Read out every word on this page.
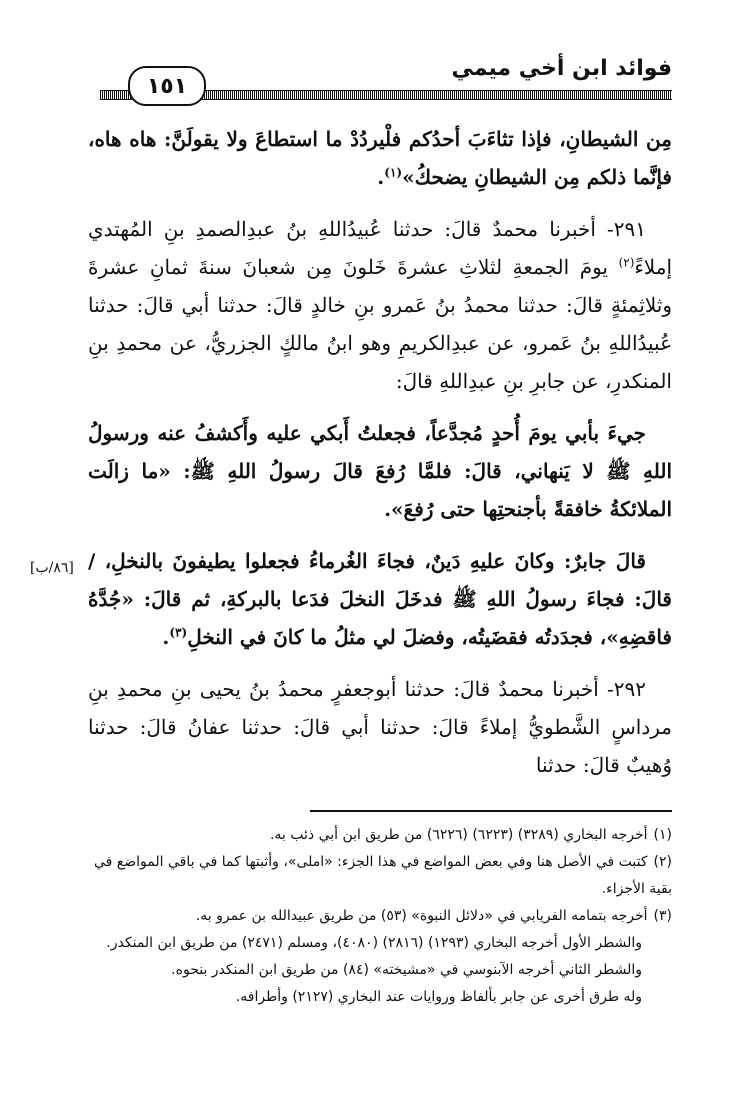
فوائد ابن أخي ميمي
١٥١

مِن الشيطانِ، فإذا تثاءَبَ أحدُكم فلْيردُدْ ما استطاعَ ولا يقولَنَّ: هاه هاه، فإنَّما ذلكم مِن الشيطانِ يضحكُ»$^{(١)}$.

٢٩١- أخبرنا محمدٌ قالَ: حدثنا عُبيدُاللهِ بنُ عبدِالصمدِ بنِ المُهتدي إملاءً$^{(٢)}$ يومَ الجمعةِ لثلاثِ عشرةَ خَلونَ مِن شعبانَ سنةَ ثمانِ عشرةَ وثلاثِمئةٍ قالَ: حدثنا محمدُ بنُ عَمرو بنِ خالدٍ قالَ: حدثنا أبي قالَ: حدثنا عُبيدُاللهِ بنُ عَمرو، عن عبدِالكريمِ وهو ابنُ مالكٍ الجزريُّ، عن محمدِ بنِ المنكدرِ، عن جابرِ بنِ عبدِاللهِ قالَ:

جيءَ بأبي يومَ أُحدٍ مُجدَّعاً، فجعلتُ أَبكي عليه وأَكشفُ عنه ورسولُ اللهِ ﷺ لا يَنهاني، قالَ: فلمَّا رُفعَ قالَ رسولُ اللهِ ﷺ: «ما زالَت الملائكةُ خافقةً بأجنحتِها حتى رُفعَ».

قالَ جابرٌ: وكانَ عليهِ دَينٌ، فجاءَ الغُرماءُ فجعلوا يطيفونَ بالنخلِ، / قالَ: فجاءَ رسولُ اللهِ ﷺ فدخَلَ النخلَ فدَعا بالبركةِ، ثم قالَ: «جُدَّهُ فاقضِهِ»، فجدَدتُه فقضَيتُه، وفضلَ لي مثلُ ما كانَ في النخلِ$^{(٣)}$.

٢٩٢- أخبرنا محمدٌ قالَ: حدثنا أبوجعفرٍ محمدُ بنُ يحيى بنِ محمدِ بنِ مرداسٍ الشَّطويُّ إملاءً قالَ: حدثنا أبي قالَ: حدثنا عفانُ قالَ: حدثنا وُهيبٌ قالَ: حدثنا

[٨٦/ب]

(١)أخرجه البخاري (٣٢٨٩) (٦٢٢٣) (٦٢٢٦) من طريق ابن أبي ذئب به.

(٢)كتبت في الأصل هنا وفي بعض المواضع في هذا الجزء: «املى»، وأثبتها كما في باقي المواضع في بقية الأجزاء.

(٣)أخرجه بتمامه الفريابي في «دلائل النبوة» (٥٣) من طريق عبيدالله بن عمرو به.

والشطر الأول أخرجه البخاري (١٢٩٣) (٢٨١٦) (٤٠٨٠)، ومسلم (٢٤٧١) من طريق ابن المنكدر.

والشطر الثاني أخرجه الآبنوسي في «مشيخته» (٨٤) من طريق ابن المنكدر بنحوه.

وله طرق أخرى عن جابر بألفاظ وروايات عند البخاري (٢١٢٧) وأطرافه.
